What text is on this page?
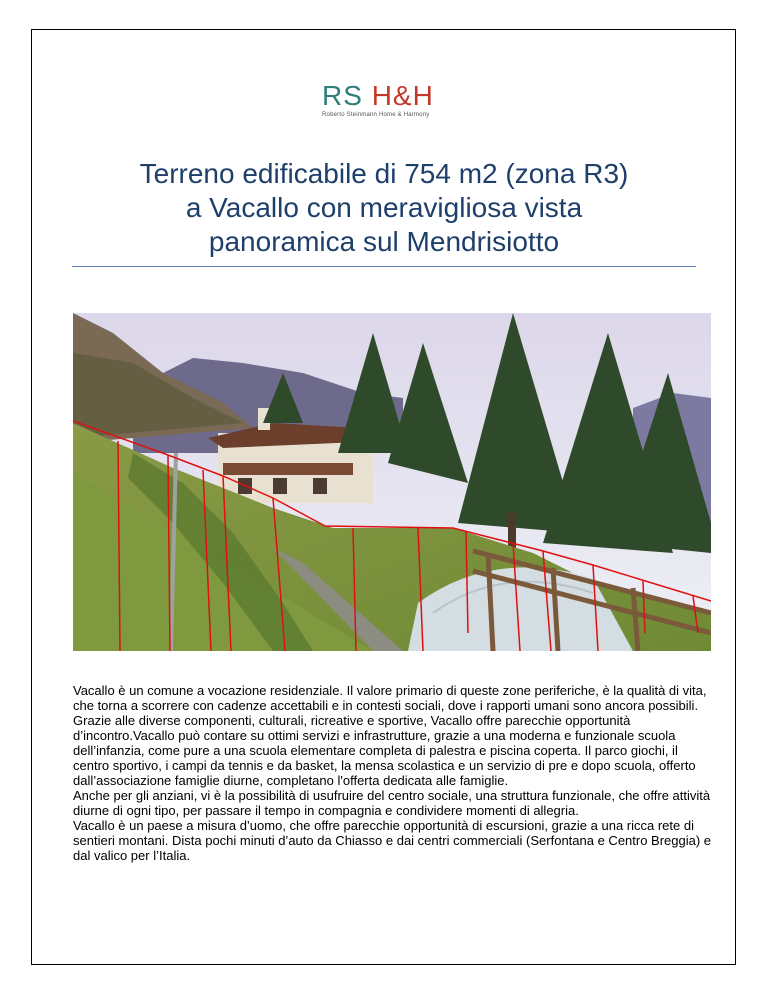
RS H&H
Roberto Steinmann Home & Harmony
Terreno edificabile di 754 m2 (zona R3)
a Vacallo con meravigliosa vista
panoramica sul Mendrisiotto

Vacallo è un comune a vocazione residenziale. Il valore primario di queste zone periferiche, è la qualità di vita, che torna a scorrere con cadenze accettabili e in contesti sociali, dove i rapporti umani sono ancora possibili. Grazie alle diverse componenti, culturali, ricreative e sportive, Vacallo offre parecchie opportunità d’incontro.Vacallo può contare su ottimi servizi e infrastrutture, grazie a una moderna e funzionale scuola dell’infanzia, come pure a una scuola elementare completa di palestra e piscina coperta. Il parco giochi, il centro sportivo, i campi da tennis e da basket, la mensa scolastica e un servizio di pre e dopo scuola, offerto dall’associazione famiglie diurne, completano l'offerta dedicata alle famiglie.

Anche per gli anziani, vi è la possibilità di usufruire del centro sociale, una struttura funzionale, che offre attività diurne di ogni tipo, per passare il tempo in compagnia e condividere momenti di allegria.

Vacallo è un paese a misura d’uomo, che offre parecchie opportunità di escursioni, grazie a una ricca rete di sentieri montani. Dista pochi minuti d’auto da Chiasso e dai centri commerciali (Serfontana e Centro Breggia) e dal valico per l’Italia.
